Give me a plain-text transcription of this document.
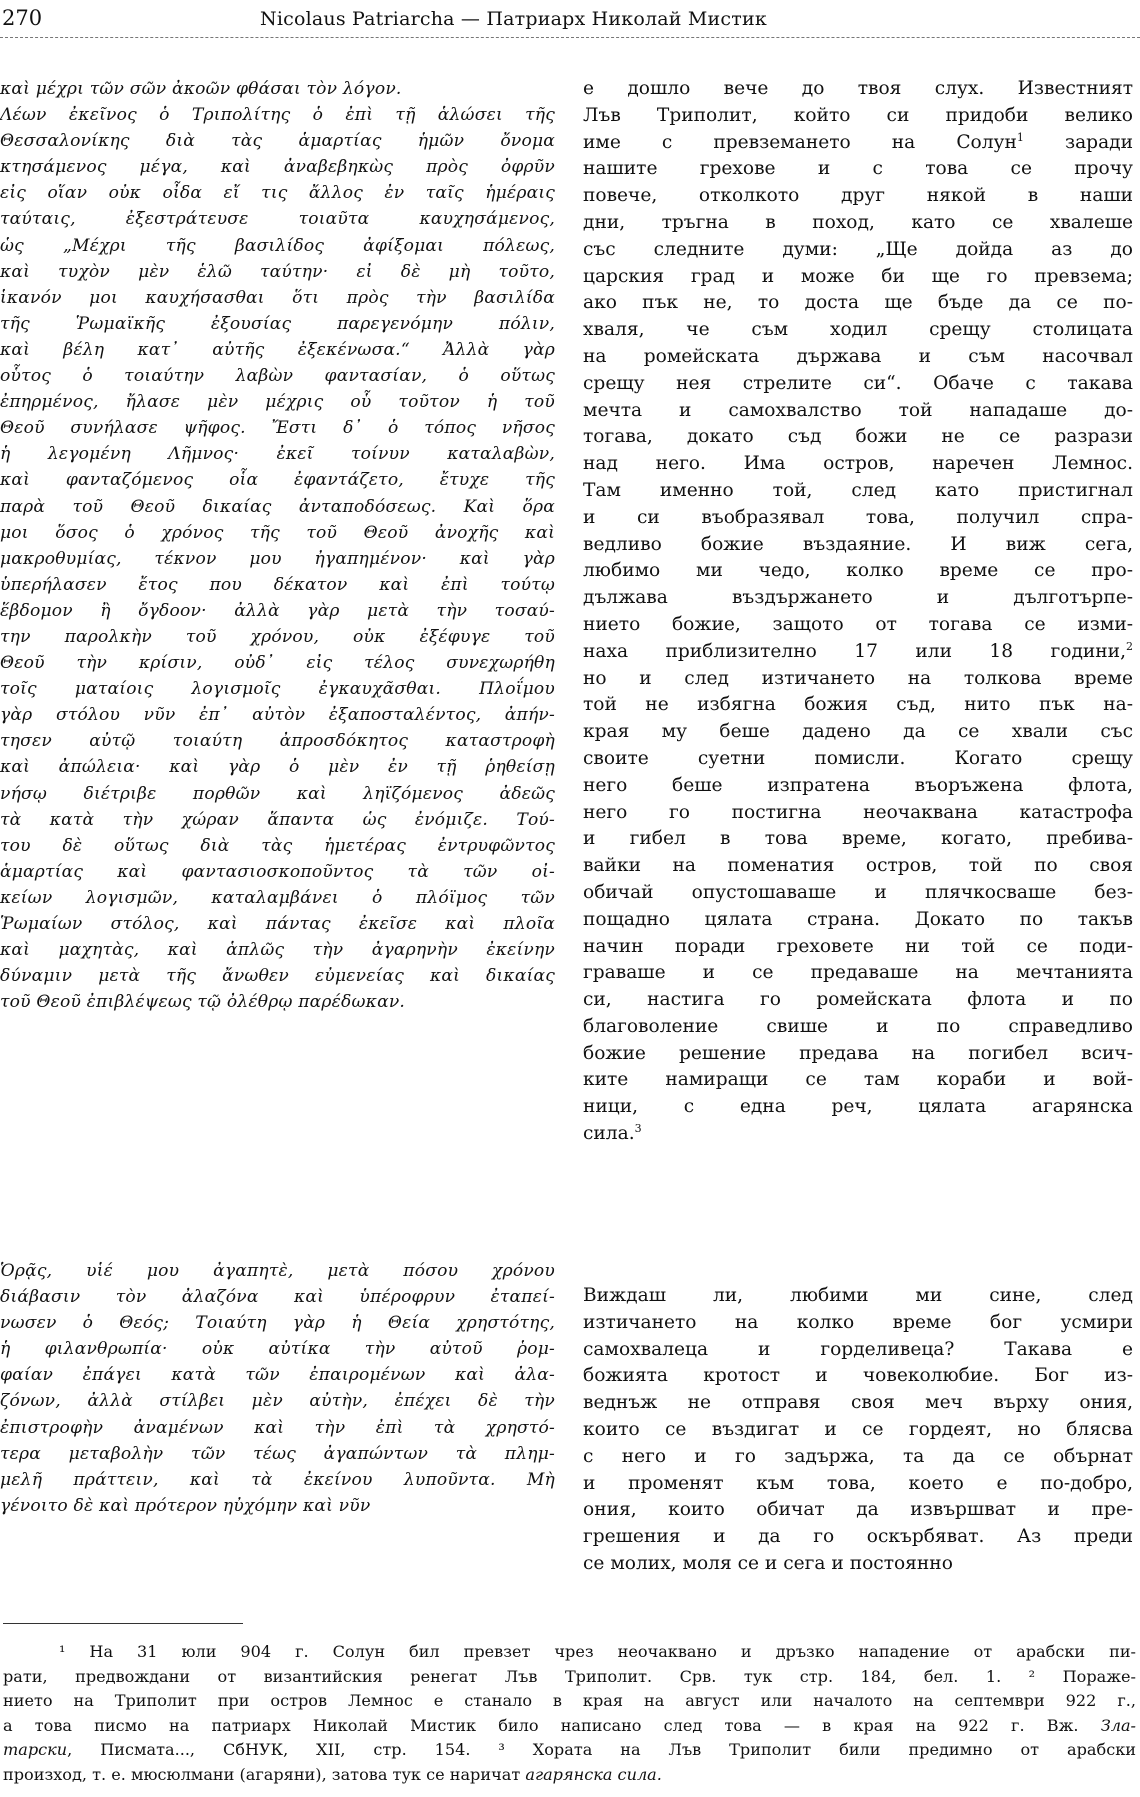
270	Nicolaus Patriarcha — Патриарх Николай Мистик
καὶ μέχρι τῶν σῶν ἀκοῶν φθάσαι τὸν λόγον.
Λέων ἐκεῖνος ὁ Τριπολίτης ὁ ἐπὶ τῇ ἁλώσει τῆς
Θεσσαλονίκης διὰ τὰς ἁμαρτίας ἡμῶν ὄνομα
κτησάμενος μέγα, καὶ ἀναβεβηκὼς πρὸς ὀφρῦν
εἰς οἵαν οὐκ οἶδα εἴ τις ἄλλος ἐν ταῖς ἡμέραις
ταύταις, ἐξεστράτευσε τοιαῦτα καυχησάμενος,
ὡς „Μέχρι τῆς βασιλίδος ἀφίξομαι πόλεως,
καὶ τυχὸν μὲν ἑλῶ ταύτην· εἰ δὲ μὴ τοῦτο,
ἱκανόν μοι καυχήσασθαι ὅτι πρὸς τὴν βασιλίδα
τῆς Ῥωμαϊκῆς ἐξουσίας παρεγενόμην πόλιν,
καὶ βέλη κατ᾽ αὐτῆς ἐξεκένωσα.“ Ἀλλὰ γὰρ
οὗτος ὁ τοιαύτην λαβὼν φαντασίαν, ὁ οὕτως
ἐπηρμένος, ἤλασε μὲν μέχρις οὗ τοῦτον ἡ τοῦ
Θεοῦ συνήλασε ψῆφος. Ἔστι δ᾽ ὁ τόπος νῆσος
ἡ λεγομένη Λῆμνος· ἐκεῖ τοίνυν καταλαβὼν,
καὶ φανταζόμενος οἷα ἐφαντάζετο, ἔτυχε τῆς
παρὰ τοῦ Θεοῦ δικαίας ἀνταποδόσεως. Καὶ ὅρα
μοι ὅσος ὁ χρόνος τῆς τοῦ Θεοῦ ἀνοχῆς καὶ
μακροθυμίας, τέκνον μου ἠγαπημένον· καὶ γὰρ
ὑπερήλασεν ἔτος που δέκατον καὶ ἐπὶ τούτῳ
ἕβδομον ἢ ὄγδοον· ἀλλὰ γὰρ μετὰ τὴν τοσαύ-
την παρολκὴν τοῦ χρόνου, οὐκ ἐξέφυγε τοῦ
Θεοῦ τὴν κρίσιν, οὐδ᾽ εἰς τέλος συνεχωρήθη
τοῖς ματαίοις λογισμοῖς ἐγκαυχᾶσθαι. Πλοΐμου
γὰρ στόλου νῦν ἐπ᾽ αὐτὸν ἐξαποσταλέντος, ἀπήν-
τησεν αὐτῷ τοιαύτη ἀπροσδόκητος καταστροφὴ
καὶ ἀπώλεια· καὶ γὰρ ὁ μὲν ἐν τῇ ῥηθείσῃ
νήσῳ διέτριβε πορθῶν καὶ ληϊζόμενος ἀδεῶς
τὰ κατὰ τὴν χώραν ἅπαντα ὡς ἐνόμιζε. Τού-
του δὲ οὕτως διὰ τὰς ἡμετέρας ἐντρυφῶντος
ἁμαρτίας καὶ φαντασιοσκοποῦντος τὰ τῶν οἰ-
κείων λογισμῶν, καταλαμβάνει ὁ πλόϊμος τῶν
Ῥωμαίων στόλος, καὶ πάντας ἐκεῖσε καὶ πλοῖα
καὶ μαχητὰς, καὶ ἁπλῶς τὴν ἀγαρηνὴν ἐκείνην
δύναμιν μετὰ τῆς ἄνωθεν εὐμενείας καὶ δικαίας
τοῦ Θεοῦ ἐπιβλέψεως τῷ ὀλέθρῳ παρέδωκαν.
Ὁρᾷς, υἱέ μου ἀγαπητὲ, μετὰ πόσου χρόνου
διάβασιν τὸν ἀλαζόνα καὶ ὑπέροφρυν ἐταπεί-
νωσεν ὁ Θεός; Τοιαύτη γὰρ ἡ Θεία χρηστότης,
ἡ φιλανθρωπία· οὐκ αὐτίκα τὴν αὐτοῦ ῥομ-
φαίαν ἐπάγει κατὰ τῶν ἐπαιρομένων καὶ ἀλα-
ζόνων, ἀλλὰ στίλβει μὲν αὐτὴν, ἐπέχει δὲ τὴν
ἐπιστροφὴν ἀναμένων καὶ τὴν ἐπὶ τὰ χρηστό-
τερα μεταβολὴν τῶν τέως ἀγαπώντων τὰ πλημ-
μελῆ πράττειν, καὶ τὰ ἐκείνου λυποῦντα. Μὴ
γένοιτο δὲ καὶ πρότερον ηὐχόμην καὶ νῦν
е дошло вече до твоя слух. Известният
Лъв Триполит, който си придоби велико
име с превземането на Солун$^1$ заради
нашите грехове и с това се прочу
повече, отколкото друг някой в наши
дни, тръгна в поход, като се хвалеше
със следните думи: „Ще дойда аз до
царския град и може би ще го превзема;
ако пък не, то доста ще бъде да се по-
хваля, че съм ходил срещу столицата
на ромейската държава и съм насочвал
срещу нея стрелите си“. Обаче с такава
мечта и самохвалство той нападаше до-
тогава, докато съд божи не се разрази
над него. Има остров, наречен Лемнос.
Там именно той, след като пристигнал
и си въобразявал това, получил спра-
ведливо божие въздаяние. И виж сега,
любимо ми чедо, колко време се про-
дължава въздържането и дълготърпе-
нието божие, защото от тогава се изми-
наха приблизително 17 или 18 години,$^2$
но и след изтичането на толкова време
той не избягна божия съд, нито пък на-
края му беше дадено да се хвали със
своите суетни помисли. Когато срещу
него беше изпратена въоръжена флота,
него го постигна неочаквана катастрофа
и гибел в това време, когато, пребива-
вайки на поменатия остров, той по своя
обичай опустошаваше и плячкосваше без-
пощадно цялата страна. Докато по такъв
начин поради греховете ни той се поди-
гравaше и се предаваше на мечтанията
си, настига го ромейската флота и по
благоволение свише и по справедливо
божие решение предава на погибел всич-
ките намиращи се там кораби и вой-
ници, с една реч, цялата агарянска
сила.$^3$
Виждаш ли, любими ми сине, след
изтичането на колко време бог усмири
самохвалеца и горделивеца? Такава е
божията кротост и човеколюбие. Бог из-
веднъж не отправя своя меч върху ония,
които се въздигат и се гордеят, но блясва
с него и го задържа, та да се обърнат
и променят към това, което е по-добро,
ония, които обичат да извършват и пре-
грешения и да го оскърбяват. Аз преди
се молих, моля се и сега и постоянно
¹ На 31 юли 904 г. Солун бил превзет чрез неочаквано и дръзко нападение от арабски пи-
рати, предвождани от византийския ренегат Лъв Триполит. Срв. тук стр. 184, бел. 1. ² Пораже-
нието на Триполит при остров Лемнос е станало в края на август или началото на септември 922 г.,
а това писмо на патриарх Николай Мистик било написано след това — в края на 922 г. Вж. Зла-
тарски, Писмата..., СбНУК, XII, стр. 154. ³ Хората на Лъв Триполит били предимно от арабски
произход, т. е. мюсюлмани (агаряни), затова тук се наричат агарянска сила.
